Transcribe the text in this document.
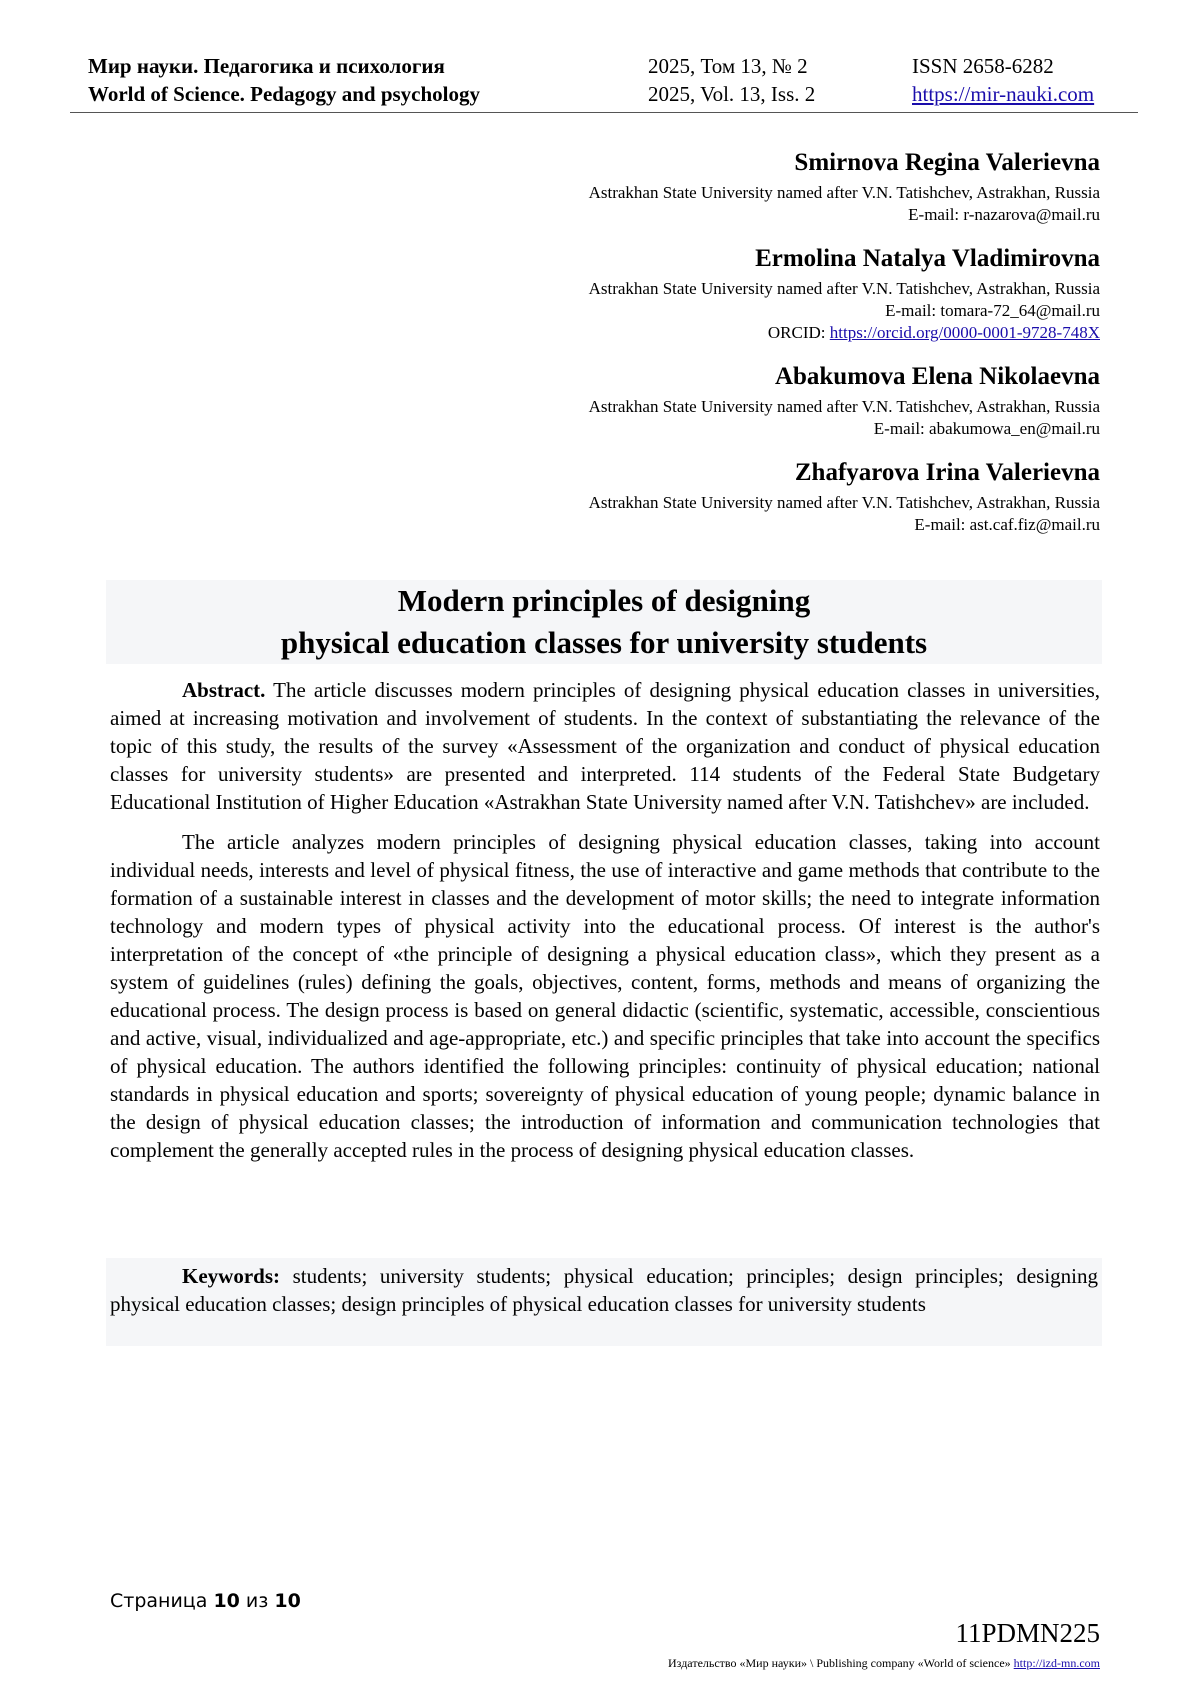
Мир науки. Педагогика и психология
World of Science. Pedagogy and psychology
2025, Том 13, № 2
2025, Vol. 13, Iss. 2
ISSN 2658-6282
https://mir-nauki.com
Smirnova Regina Valerievna
Astrakhan State University named after V.N. Tatishchev, Astrakhan, Russia
E-mail: r-nazarova@mail.ru
Ermolina Natalya Vladimirovna
Astrakhan State University named after V.N. Tatishchev, Astrakhan, Russia
E-mail: tomara-72_64@mail.ru
ORCID: https://orcid.org/0000-0001-9728-748X
Abakumova Elena Nikolaevna
Astrakhan State University named after V.N. Tatishchev, Astrakhan, Russia
E-mail: abakumowa_en@mail.ru
Zhafyarova Irina Valerievna
Astrakhan State University named after V.N. Tatishchev, Astrakhan, Russia
E-mail: ast.caf.fiz@mail.ru
Modern principles of designing
physical education classes for university students

Abstract. The article discusses modern principles of designing physical education classes in universities, aimed at increasing motivation and involvement of students. In the context of substantiating the relevance of the topic of this study, the results of the survey «Assessment of the organization and conduct of physical education classes for university students» are presented and interpreted. 114 students of the Federal State Budgetary Educational Institution of Higher Education «Astrakhan State University named after V.N. Tatishchev» are included.

The article analyzes modern principles of designing physical education classes, taking into account individual needs, interests and level of physical fitness, the use of interactive and game methods that contribute to the formation of a sustainable interest in classes and the development of motor skills; the need to integrate information technology and modern types of physical activity into the educational process. Of interest is the author's interpretation of the concept of «the principle of designing a physical education class», which they present as a system of guidelines (rules) defining the goals, objectives, content, forms, methods and means of organizing the educational process. The design process is based on general didactic (scientific, systematic, accessible, conscientious and active, visual, individualized and age-appropriate, etc.) and specific principles that take into account the specifics of physical education. The authors identified the following principles: continuity of physical education; national standards in physical education and sports; sovereignty of physical education of young people; dynamic balance in the design of physical education classes; the introduction of information and communication technologies that complement the generally accepted rules in the process of designing physical education classes.

Keywords: students; university students; physical education; principles; design principles; designing physical education classes; design principles of physical education classes for university students

Страница 10 из 10
11PDMN225
Издательство «Мир науки» \ Publishing company «World of science» http://izd-mn.com
